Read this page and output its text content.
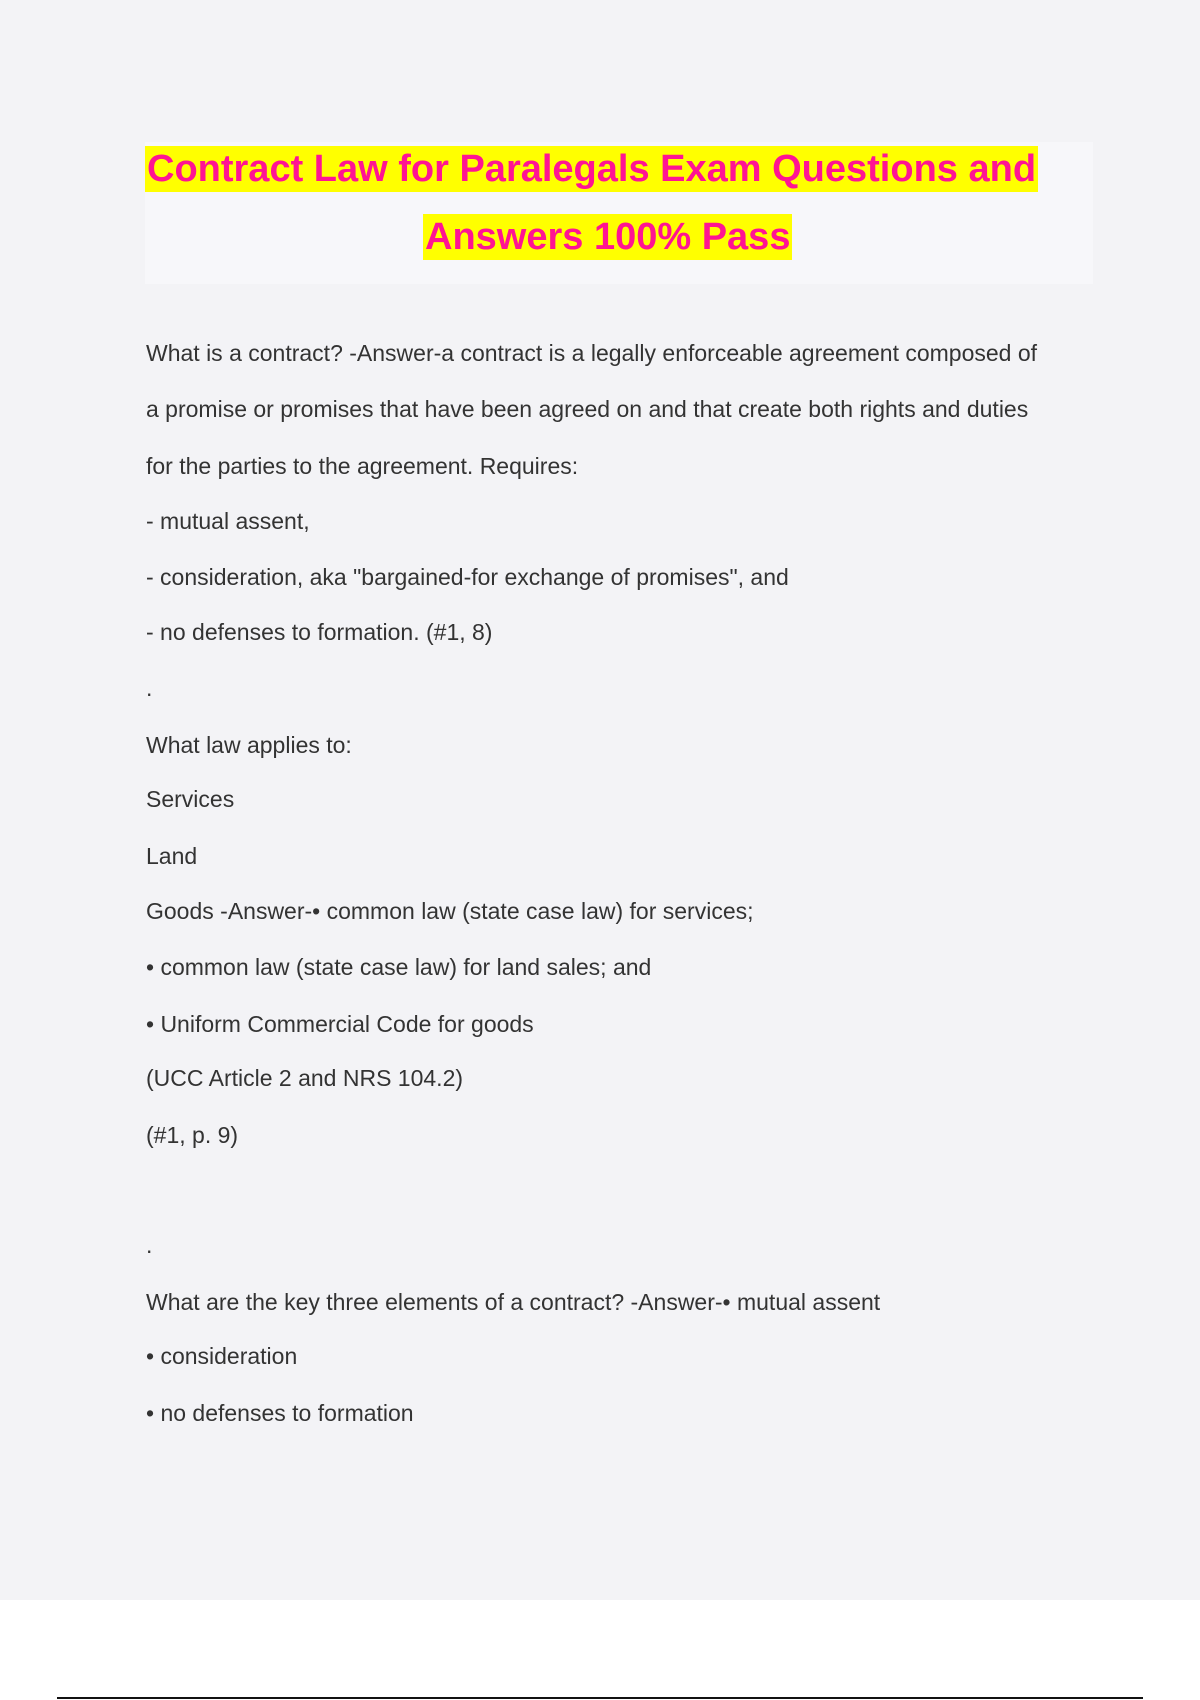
Contract Law for Paralegals Exam Questions and
Answers 100% Pass
What is a contract? -Answer-a contract is a legally enforceable agreement composed of
a promise or promises that have been agreed on and that create both rights and duties
for the parties to the agreement. Requires:
- mutual assent,
- consideration, aka "bargained-for exchange of promises", and
- no defenses to formation. (#1, 8)
.
What law applies to:
Services
Land
Goods -Answer-• common law (state case law) for services;
• common law (state case law) for land sales; and
• Uniform Commercial Code for goods
(UCC Article 2 and NRS 104.2)
(#1, p. 9)
.
What are the key three elements of a contract? -Answer-• mutual assent
• consideration
• no defenses to formation
